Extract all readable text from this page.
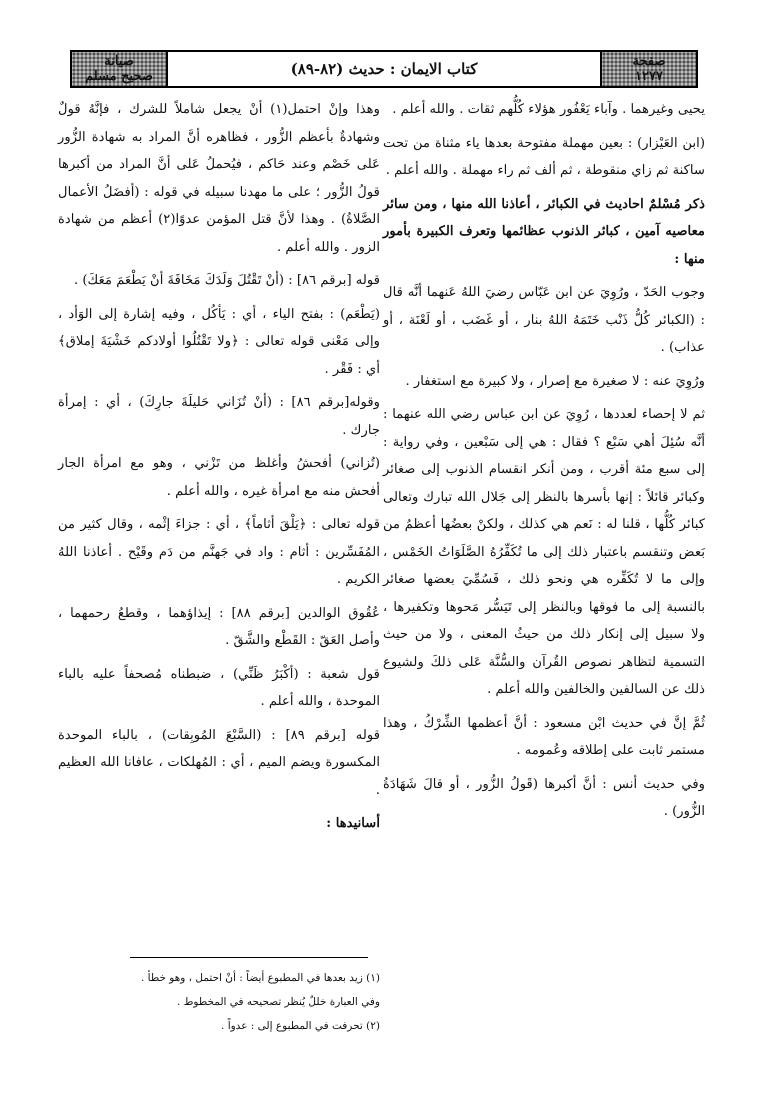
صفحة
١٢٧٧
كتاب الايمان : حديث (٨٢-٨٩)
صيانة
صحيح مسلم

يحيى وغيرهما . وآباء يَعْفُور هؤلاء كُلُّهم ثقات . والله أعلم .

(ابن العَيْزار) : بعين مهملة مفتوحة بعدها ياء مثناة من تحت ساكنة ثم زاي منقوطة ، ثم ألف ثم راء مهملة . والله أعلم .

ذكر مُسْلمٌ احاديث في الكبائر ، أعاذنا الله منها ، ومن سائر معاصيه آمين ، كبائر الذنوب عظائمها وتعرف الكبيرة بأمور منها :

وجوب الحَدّ ، ورُوِيَ عن ابن عَبّاس رضيَ اللهُ عَنهما أنَّه قال : (الكبائر كُلُّ ذَنْب خَتَمَهُ اللهُ بنار ، أو غَضَب ، أو لَعْنَة ، أو عذاب) .

ورُوِيَ عنه : لا صغيرة مع إصرار ، ولا كبيرة مع استغفار .

ثم لا إحصاء لعددها ، رُوِيَ عن ابن عباس رضي الله عنهما : أنَّه سُئِلَ أهي سَبْع ؟ فقال : هي إلى سَبْعين ، وفي رواية : إلى سبع مئة أقرب ، ومن أنكر انقسام الذنوب إلى صغائر وكبائر قائلاً : إنها بأسرها بالنظر إلى جَلال الله تبارك وتعالى كبائر كُلُّها ، قلنا له : نَعم هي كذلك ، ولكنْ بعضُها أعظمُ من بَعض وتنقسم باعتبار ذلك إلى ما تُكَفِّرُهُ الصَّلَوَاتُ الخَمْس ، وإلى ما لا تُكَفِّره هي ونحو ذلك ، فَسُمِّيَ بعضها صغائر بالنسبة إلى ما فوقها وبالنظر إلى تَيَسُّر مَحوها وتكفيرها ، ولا سبيل إلى إنكار ذلك من حيثُ المعنى ، ولا من حيث التسمية لتظاهر نصوص القُرآن والسُّنَّة عَلى ذلكَ ولشيوع ذلك عن السالفين والخالفين والله أعلم .

ثُمَّ إنَّ في حديث ابْن مسعود : أنَّ أعظمها الشِّرْكُ ، وهذا مستمر ثابت على إطلاقه وعُمومه .

وفي حديث أنس : أنَّ أكبرها (قَولُ الزُّور ، أو قالَ شَهَادَةُ الزُّور) .

وهذا وإنْ احتمل(١) أنْ يجعل شاملاً للشرك ، فإنَّهُ قولٌ وشهادةٌ بأعظم الزُّور ، فظاهره أنَّ المراد به شهادة الزُّور عَلى خَصْم وعند حَاكم ، فيُحملُ عَلى أنَّ المراد من أكبرها قولُ الزُّور ؛ على ما مهدنا سبيله في قوله : (أفضَلُ الأعمال الصَّلاةُ) . وهذا لأنَّ قتل المؤمن عدوًا(٢) أعظم من شهادة الزور . والله أعلم .

قوله [برقم ٨٦] : (أنْ تَقْتُلَ وَلَدَكَ مَخَافَةَ أنْ يَطْعَمَ مَعَكَ) .

(يَطْعَم) : بفتح الياء ، أي : يَأكُل ، وفيه إشارة إلى الوَأد ، وإلى مَعْنى قوله تعالى : ﴿ولا تَقْتُلُوا أولادكم خَشْيَةَ إملاق﴾ أي : فَقْر .

وقوله[برقم ٨٦] : (أنْ تُزَاني حَليلَةَ جارِكَ) ، أي : إمرأة جارك .

(تُزاني) أفحشُ وأغلظ من تَزْني ، وهو مع امرأة الجار أفحش منه مع امرأة غيره ، والله أعلم .

قوله تعالى : ﴿يَلْقَ أثاماً﴾ ، أي : جزاءَ إثْمه ، وقال كثير من المُفَسِّرين : أثام : واد في جَهنَّم من دَم وقَيْح . أعاذنا اللهُ الكريم .

عُقُوق الوالدين [برقم ٨٨] : إيذاؤهما ، وقطعُ رحمهما ، وأصل العَقّ : القَطْع والشَّقّ .

قول شعبة : (أكْبَرُ ظَنِّي) ، ضبطناه مُصحفاً عليه بالباء الموحدة ، والله أعلم .

قوله [برقم ٨٩] : (السَّبْعَ المُوبِقات) ، بالباء الموحدة المكسورة ويضم الميم ، أي : المُهلكات ، عافانا الله العظيم .

أسانيدها :

(١) زيد بعدها في المطبوع أيضاً : أنْ احتمل ، وهو خطأ .
وفي العبارة خللٌ يُنظر تصحيحه في المخطوط .
(٢) تحرفت في المطبوع إلى : عدواً .
